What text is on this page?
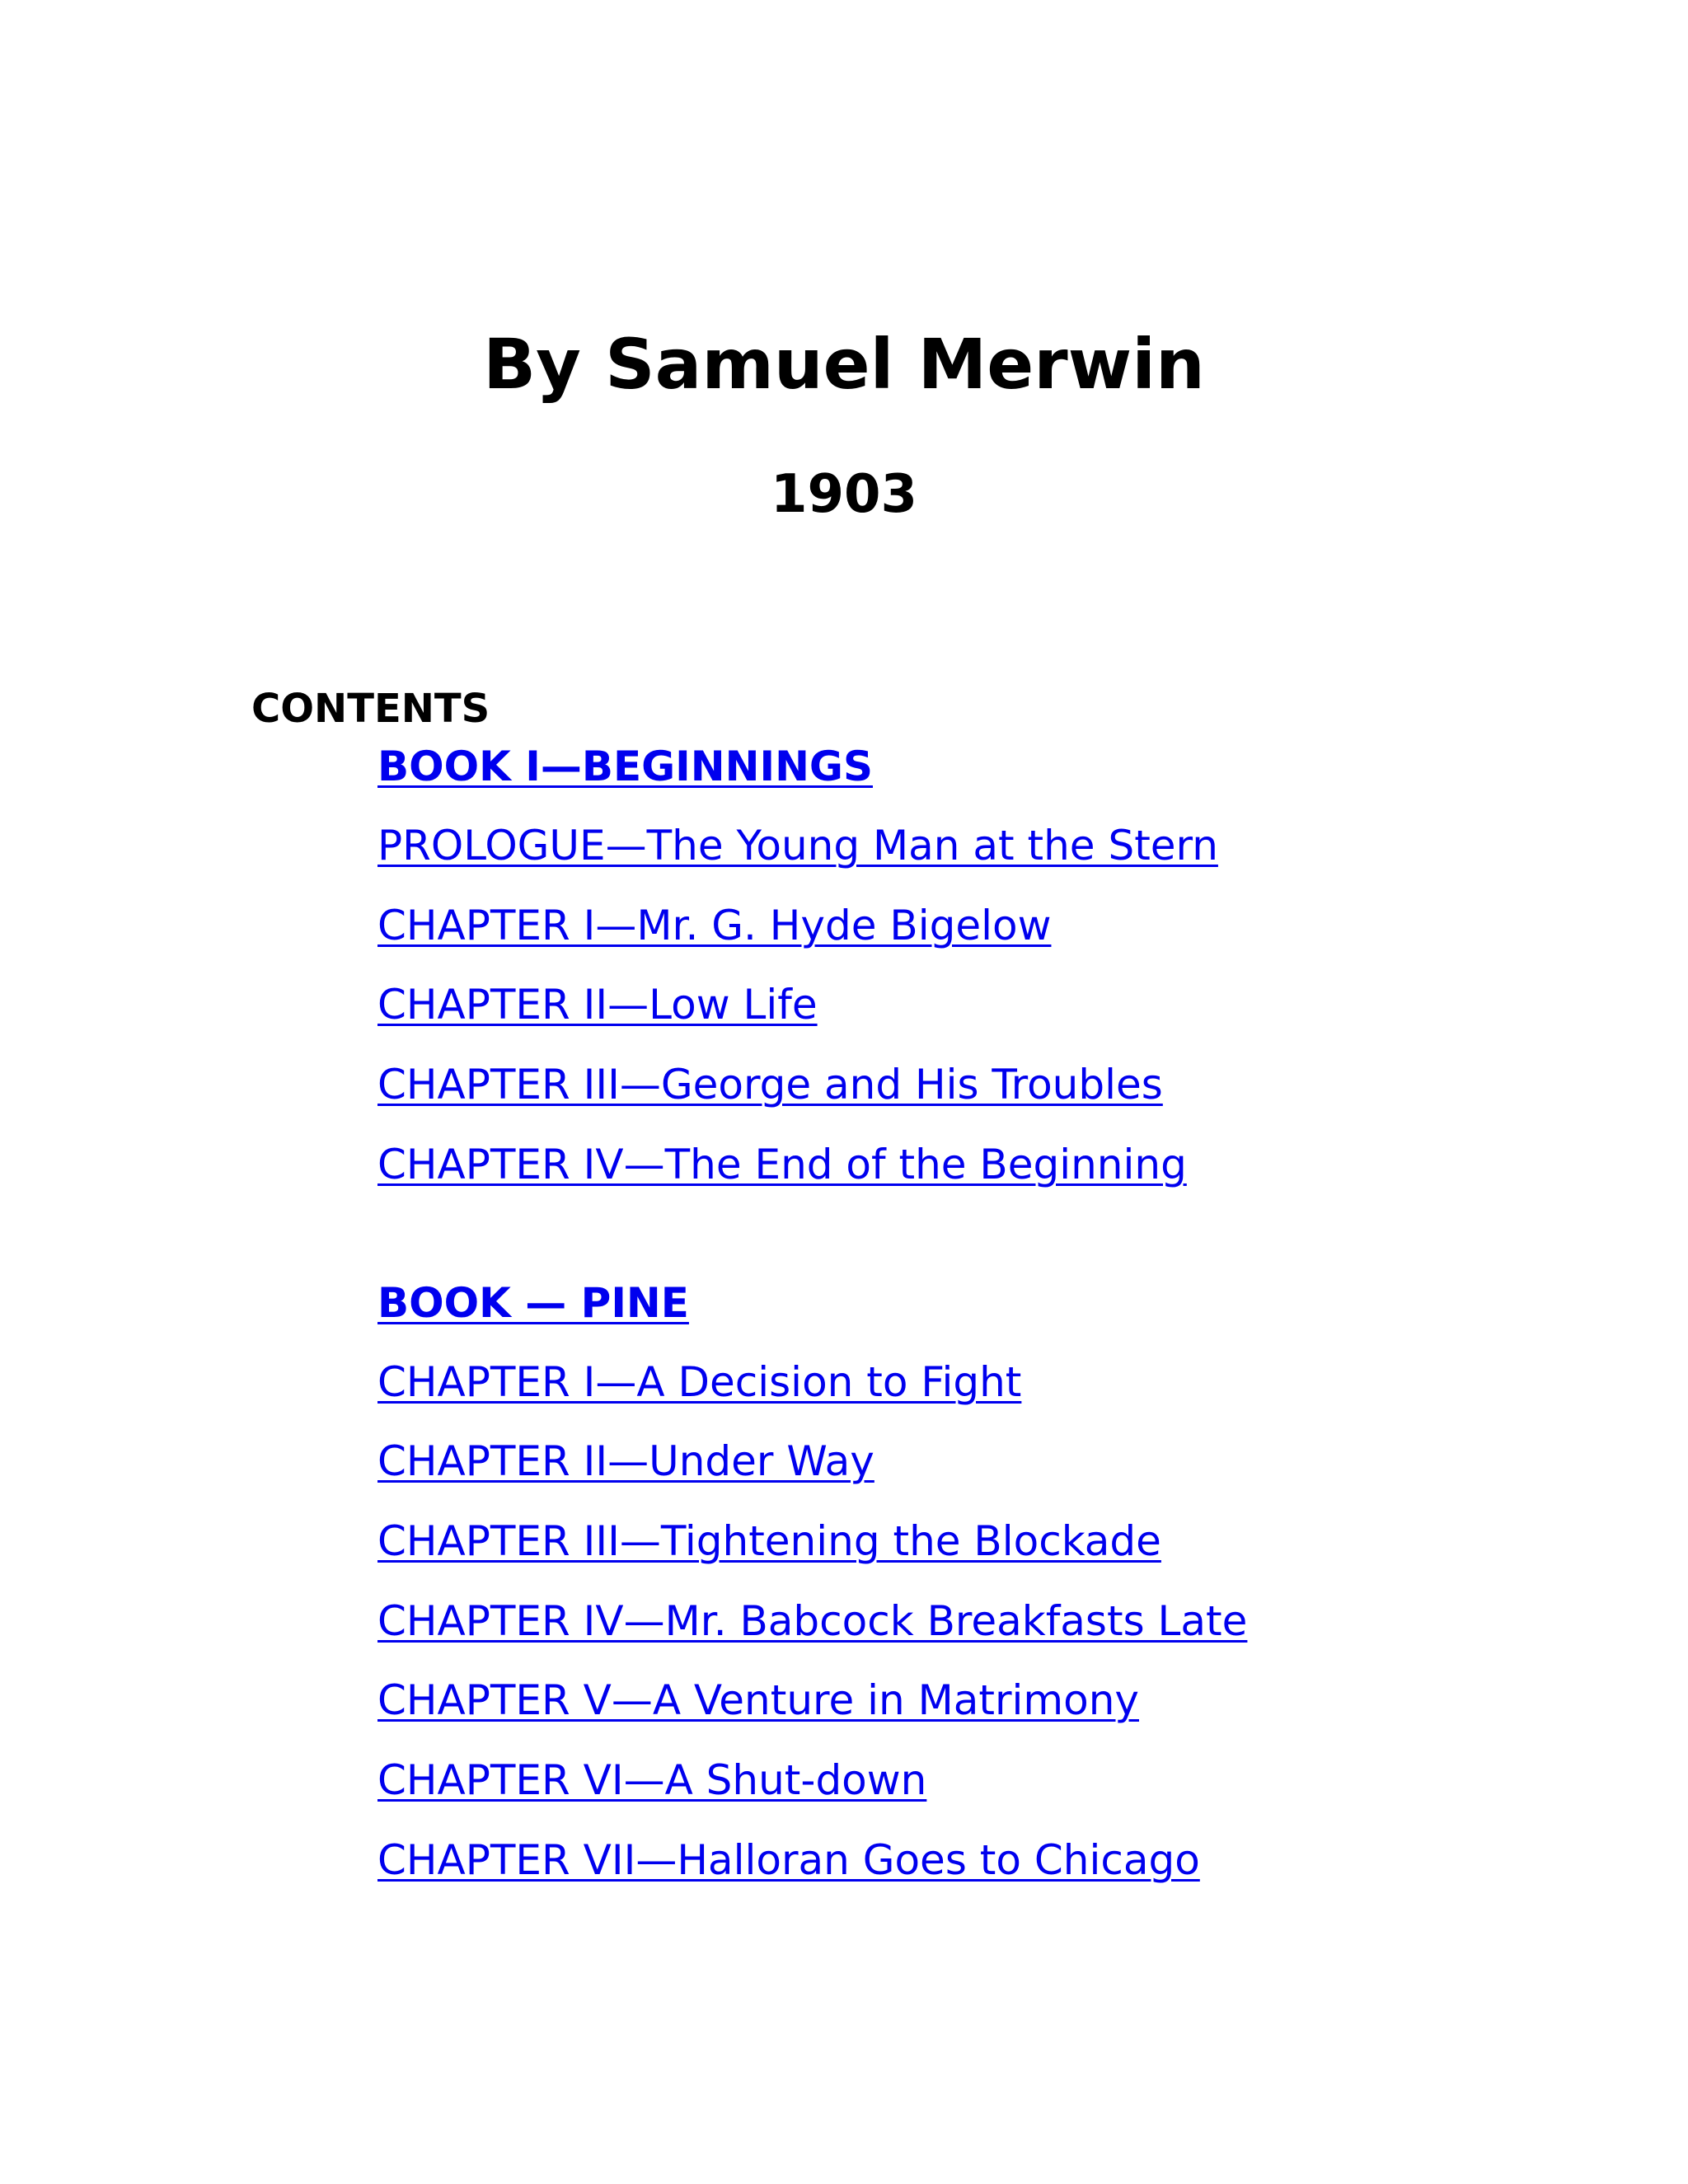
By Samuel Merwin
1903
CONTENTS
BOOK I—BEGINNINGS
PROLOGUE—The Young Man at the Stern
CHAPTER I—Mr. G. Hyde Bigelow
CHAPTER II—Low Life
CHAPTER III—George and His Troubles
CHAPTER IV—The End of the Beginning
BOOK — PINE
CHAPTER I—A Decision to Fight
CHAPTER II—Under Way
CHAPTER III—Tightening the Blockade
CHAPTER IV—Mr. Babcock Breakfasts Late
CHAPTER V—A Venture in Matrimony
CHAPTER VI—A Shut-down
CHAPTER VII—Halloran Goes to Chicago
